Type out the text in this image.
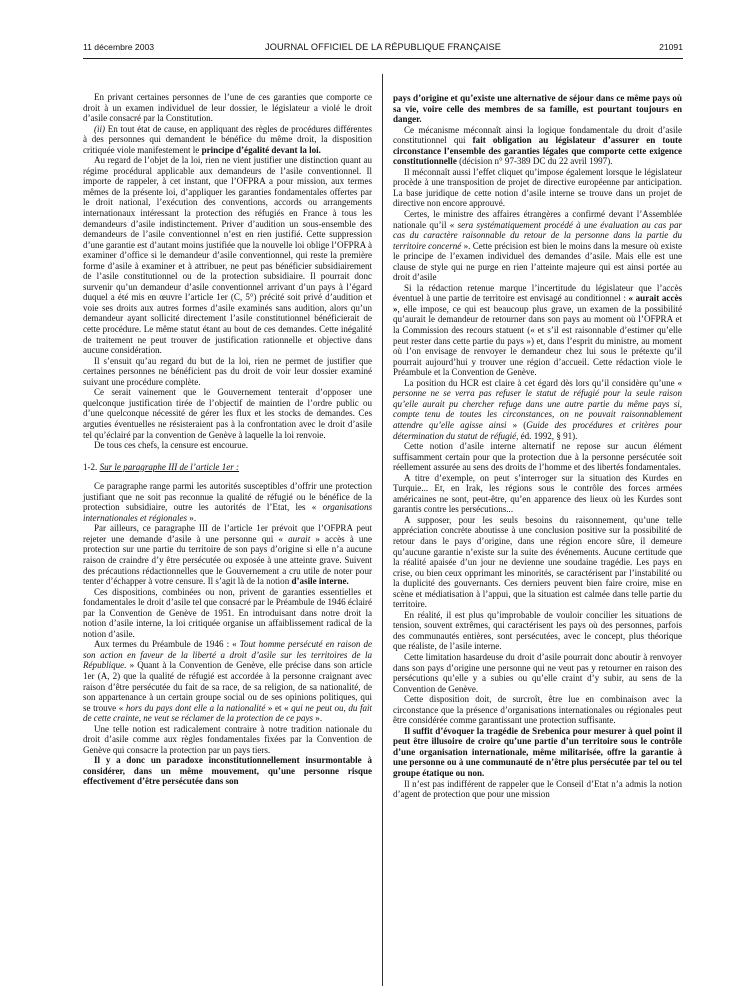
11 décembre 2003	JOURNAL OFFICIEL DE LA RÉPUBLIQUE FRANÇAISE	21091

En privant certaines personnes de l’une de ces garanties que comporte ce droit à un examen individuel de leur dossier, le législateur a violé le droit d’asile consacré par la Constitution.

(ii) En tout état de cause, en appliquant des règles de procédures différentes à des personnes qui demandent le bénéfice du même droit, la disposition critiquée viole manifestement le principe d’égalité devant la loi.

Au regard de l’objet de la loi, rien ne vient justifier une distinction quant au régime procédural applicable aux demandeurs de l’asile conventionnel. Il importe de rappeler, à cet instant, que l’OFPRA a pour mission, aux termes mêmes de la présente loi, d’appliquer les garanties fondamentales offertes par le droit national, l’exécution des conventions, accords ou arrangements internationaux intéressant la protection des réfugiés en France à tous les demandeurs d’asile indistinctement. Priver d’audition un sous-ensemble des demandeurs de l’asile conventionnel n’est en rien justifié. Cette suppression d’une garantie est d’autant moins justifiée que la nouvelle loi oblige l’OFPRA à examiner d’office si le demandeur d’asile conventionnel, qui reste la première forme d’asile à examiner et à attribuer, ne peut pas bénéficier subsidiairement de l’asile constitutionnel ou de la protection subsidiaire. Il pourrait donc survenir qu’un demandeur d’asile conventionnel arrivant d’un pays à l’égard duquel a été mis en œuvre l’article 1er (C, 5°) précité soit privé d’audition et voie ses droits aux autres formes d’asile examinés sans audition, alors qu’un demandeur ayant sollicité directement l’asile constitutionnel bénéficierait de cette procédure. Le même statut étant au bout de ces demandes. Cette inégalité de traitement ne peut trouver de justification rationnelle et objective dans aucune considération.

Il s’ensuit qu’au regard du but de la loi, rien ne permet de justifier que certaines personnes ne bénéficient pas du droit de voir leur dossier examiné suivant une procédure complète.

Ce serait vainement que le Gouvernement tenterait d’opposer une quelconque justification tirée de l’objectif de maintien de l’ordre public ou d’une quelconque nécessité de gérer les flux et les stocks de demandes. Ces arguties éventuelles ne résisteraient pas à la confrontation avec le droit d’asile tel qu’éclairé par la convention de Genève à laquelle la loi renvoie.

De tous ces chefs, la censure est encourue.

1-2. Sur le paragraphe III de l’article 1er :

Ce paragraphe range parmi les autorités susceptibles d’offrir une protection justifiant que ne soit pas reconnue la qualité de réfugié ou le bénéfice de la protection subsidiaire, outre les autorités de l’Etat, les « organisations internationales et régionales ».

Par ailleurs, ce paragraphe III de l’article 1er prévoit que l’OFPRA peut rejeter une demande d’asile à une personne qui « aurait » accès à une protection sur une partie du territoire de son pays d’origine si elle n’a aucune raison de craindre d’y être persécutée ou exposée à une atteinte grave. Suivent des précautions rédactionnelles que le Gouvernement a cru utile de noter pour tenter d’échapper à votre censure. Il s’agit là de la notion d’asile interne.

Ces dispositions, combinées ou non, privent de garanties essentielles et fondamentales le droit d’asile tel que consacré par le Préambule de 1946 éclairé par la Convention de Genève de 1951. En introduisant dans notre droit la notion d’asile interne, la loi critiquée organise un affaiblissement radical de la notion d’asile.

Aux termes du Préambule de 1946 : « Tout homme persécuté en raison de son action en faveur de la liberté a droit d’asile sur les territoires de la République. » Quant à la Convention de Genève, elle précise dans son article 1er (A, 2) que la qualité de réfugié est accordée à la personne craignant avec raison d’être persécutée du fait de sa race, de sa religion, de sa nationalité, de son appartenance à un certain groupe social ou de ses opinions politiques, qui se trouve « hors du pays dont elle a la nationalité » et « qui ne peut ou, du fait de cette crainte, ne veut se réclamer de la protection de ce pays ».

Une telle notion est radicalement contraire à notre tradition nationale du droit d’asile comme aux règles fondamentales fixées par la Convention de Genève qui consacre la protection par un pays tiers.

Il y a donc un paradoxe inconstitutionnellement insurmontable à considérer, dans un même mouvement, qu’une personne risque effectivement d’être persécutée dans son

pays d’origine et qu’existe une alternative de séjour dans ce même pays où sa vie, voire celle des membres de sa famille, est pourtant toujours en danger.

Ce mécanisme méconnaît ainsi la logique fondamentale du droit d’asile constitutionnel qui fait obligation au législateur d’assurer en toute circonstance l’ensemble des garanties légales que comporte cette exigence constitutionnelle (décision n° 97-389 DC du 22 avril 1997).

Il méconnaît aussi l’effet cliquet qu’impose également lorsque le législateur procède à une transposition de projet de directive européenne par anticipation. La base juridique de cette notion d’asile interne se trouve dans un projet de directive non encore approuvé.

Certes, le ministre des affaires étrangères a confirmé devant l’Assemblée nationale qu’il « sera systématiquement procédé à une évaluation au cas par cas du caractère raisonnable du retour de la personne dans la partie du territoire concerné ». Cette précision est bien le moins dans la mesure où existe le principe de l’examen individuel des demandes d’asile. Mais elle est une clause de style qui ne purge en rien l’atteinte majeure qui est ainsi portée au droit d’asile

Si la rédaction retenue marque l’incertitude du législateur que l’accès éventuel à une partie de territoire est envisagé au conditionnel : « aurait accès », elle impose, ce qui est beaucoup plus grave, un examen de la possibilité qu’aurait le demandeur de retourner dans son pays au moment où l’OFPRA et la Commission des recours statuent (« et s’il est raisonnable d’estimer qu’elle peut rester dans cette partie du pays ») et, dans l’esprit du ministre, au moment où l’on envisage de renvoyer le demandeur chez lui sous le prétexte qu’il pourrait aujourd’hui y trouver une région d’accueil. Cette rédaction viole le Préambule et la Convention de Genève.

La position du HCR est claire à cet égard dès lors qu’il considère qu’une « personne ne se verra pas refuser le statut de réfugié pour la seule raison qu’elle aurait pu chercher refuge dans une autre partie du même pays si, compte tenu de toutes les circonstances, on ne pouvait raisonnablement attendre qu’elle agisse ainsi » (Guide des procédures et critères pour détermination du statut de réfugié, éd. 1992, § 91).

Cette notion d’asile interne alternatif ne repose sur aucun élément suffisamment certain pour que la protection due à la personne persécutée soit réellement assurée au sens des droits de l’homme et des libertés fondamentales.

A titre d’exemple, on peut s’interroger sur la situation des Kurdes en Turquie... Et, en Irak, les régions sous le contrôle des forces armées américaines ne sont, peut-être, qu’en apparence des lieux où les Kurdes sont garantis contre les persécutions...

A supposer, pour les seuls besoins du raisonnement, qu’une telle appréciation concrète aboutisse à une conclusion positive sur la possibilité de retour dans le pays d’origine, dans une région encore sûre, il demeure qu’aucune garantie n’existe sur la suite des événements. Aucune certitude que la réalité apaisée d’un jour ne devienne une soudaine tragédie. Les pays en crise, ou bien ceux opprimant les minorités, se caractérisent par l’instabilité ou la duplicité des gouvernants. Ces derniers peuvent bien faire croire, mise en scène et médiatisation à l’appui, que la situation est calmée dans telle partie du territoire.

En réalité, il est plus qu’improbable de vouloir concilier les situations de tension, souvent extrêmes, qui caractérisent les pays où des personnes, parfois des communautés entières, sont persécutées, avec le concept, plus théorique que réaliste, de l’asile interne.

Cette limitation hasardeuse du droit d’asile pourrait donc aboutir à renvoyer dans son pays d’origine une personne qui ne veut pas y retourner en raison des persécutions qu’elle y a subies ou qu’elle craint d’y subir, au sens de la Convention de Genève.

Cette disposition doit, de surcroît, être lue en combinaison avec la circonstance que la présence d’organisations internationales ou régionales peut être considérée comme garantissant une protection suffisante.

Il suffit d’évoquer la tragédie de Srebenica pour mesurer à quel point il peut être illusoire de croire qu’une partie d’un territoire sous le contrôle d’une organisation internationale, même militarisée, offre la garantie à une personne ou à une communauté de n’être plus persécutée par tel ou tel groupe étatique ou non.

Il n’est pas indifférent de rappeler que le Conseil d’Etat n’a admis la notion d’agent de protection que pour une mission
